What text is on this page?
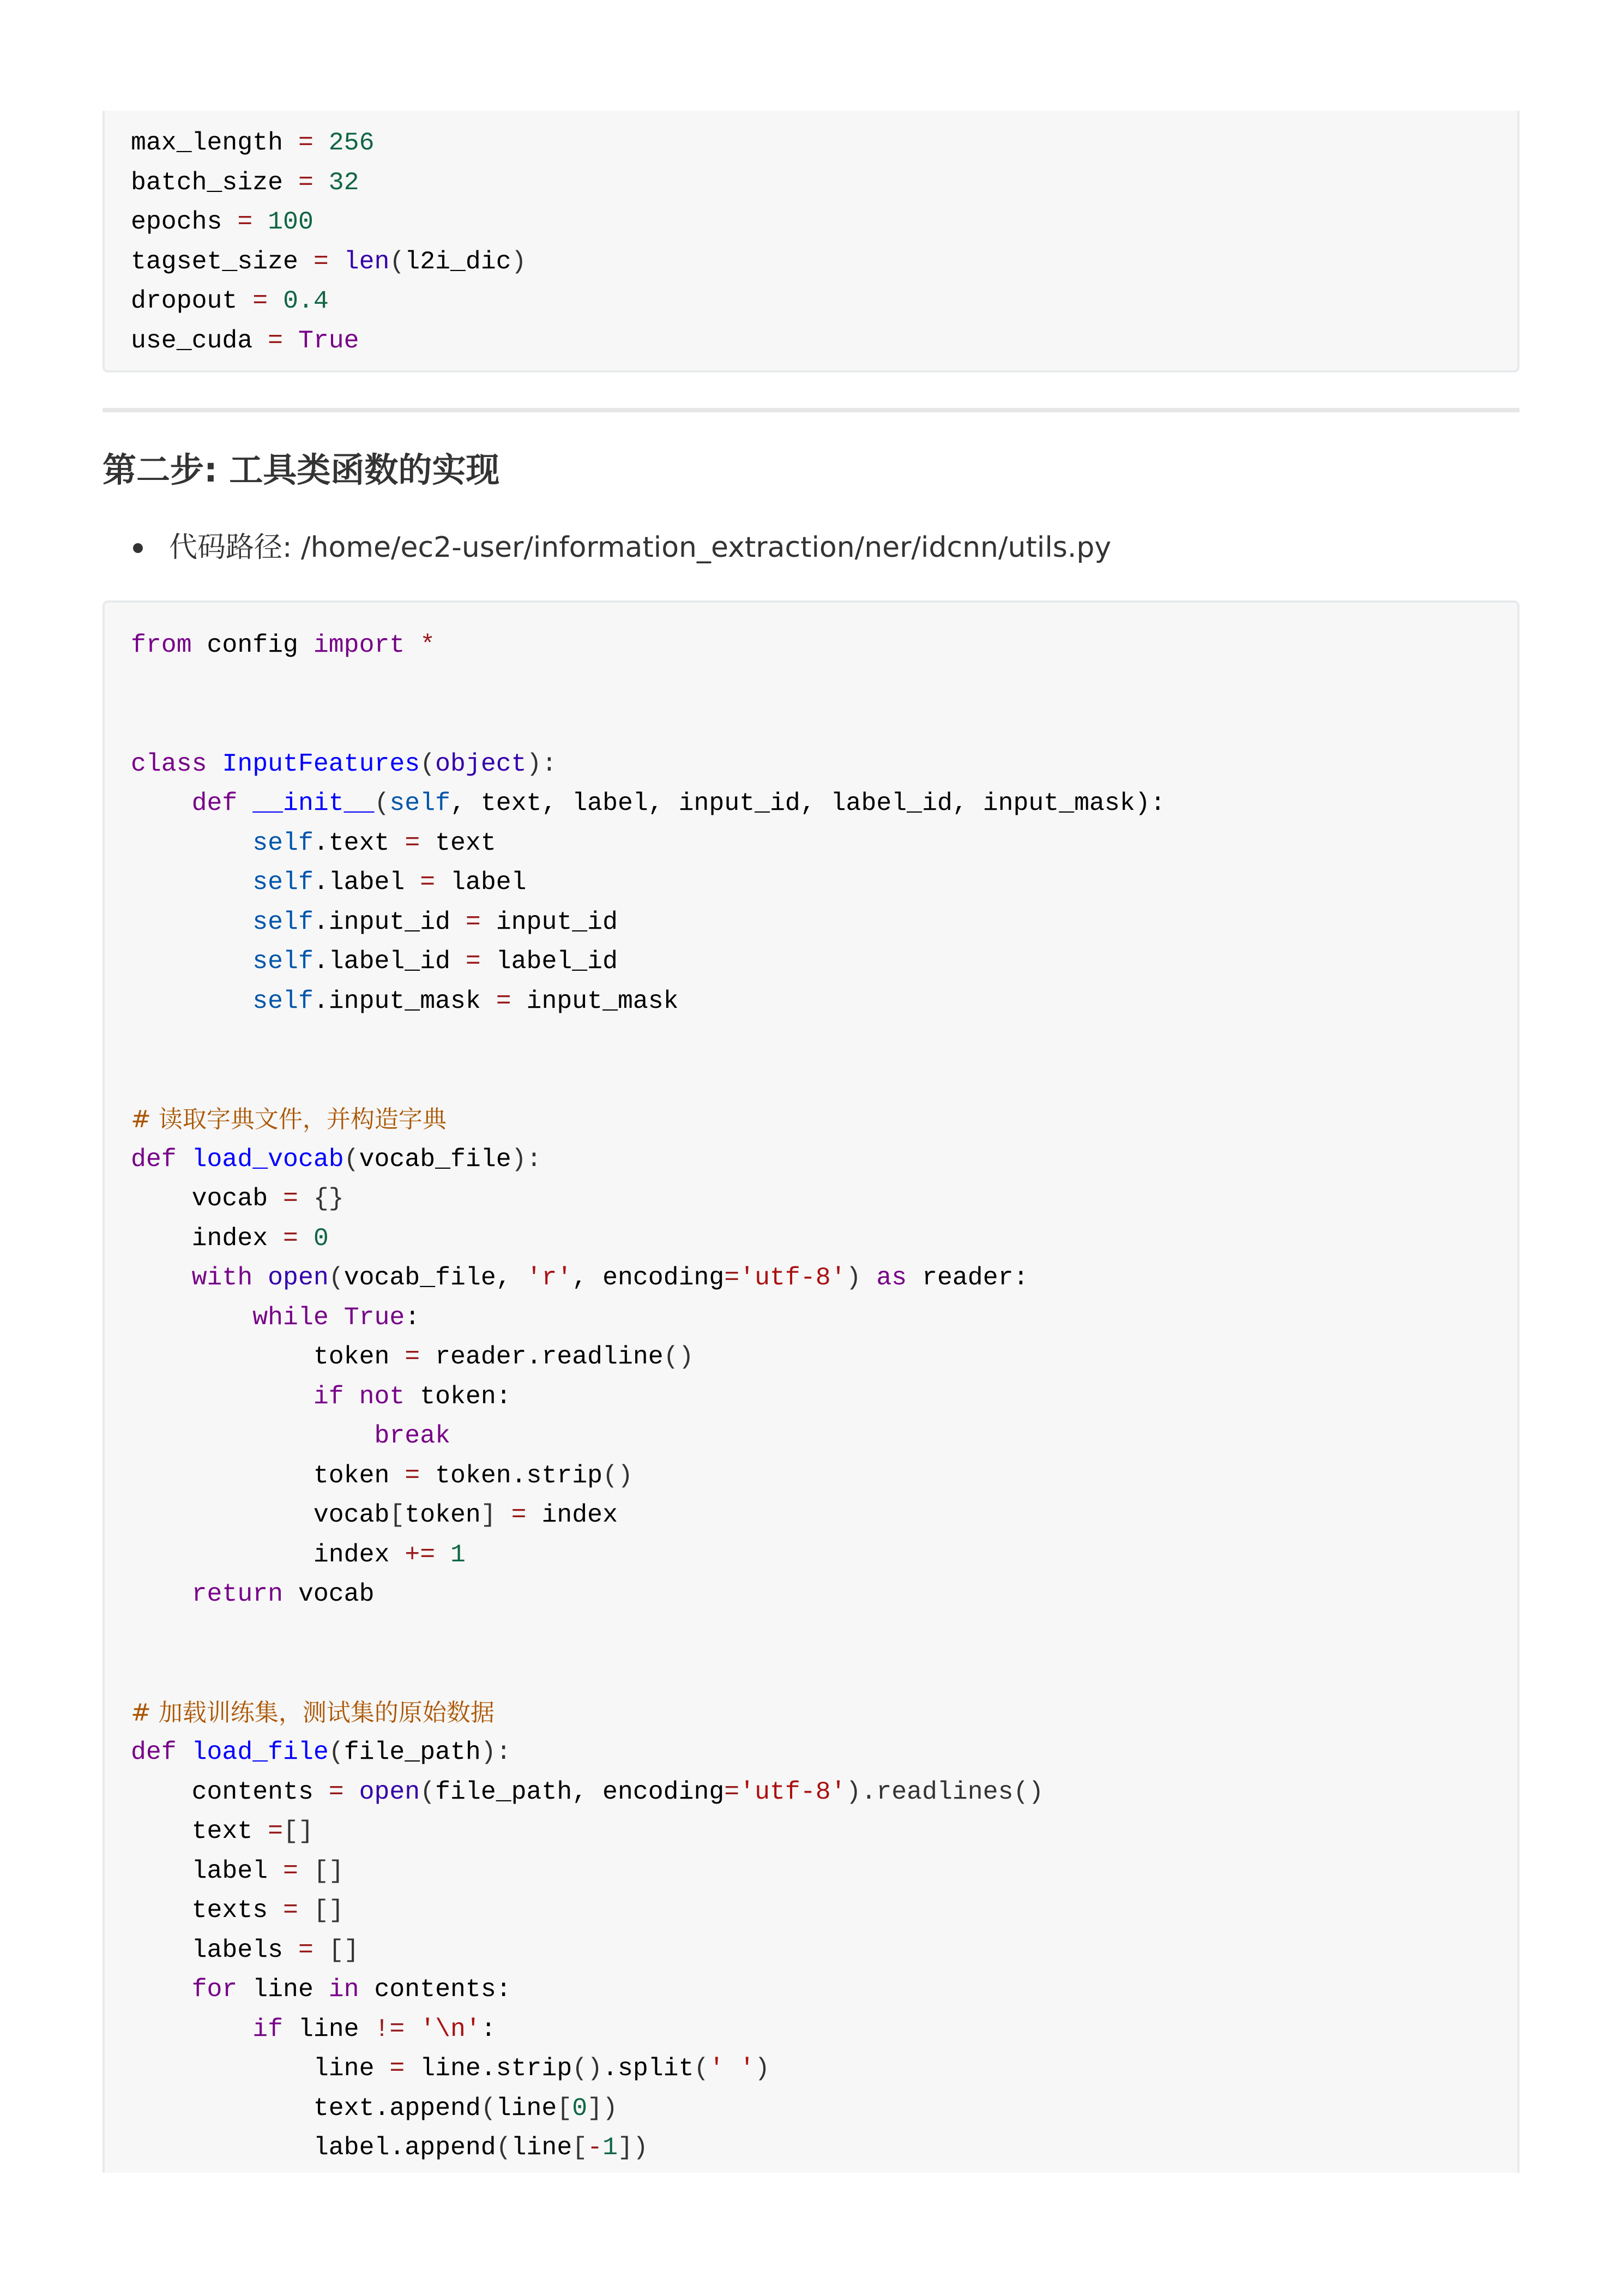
max_length = 256
batch_size = 32
epochs = 100
tagset_size = len(l2i_dic)
dropout = 0.4
use_cuda = True
第二步: 工具类函数的实现
代码路径: /home/ec2-user/information_extraction/ner/idcnn/utils.py
from config import *

class InputFeatures(object):
def __init__(self, text, label, input_id, label_id, input_mask):
self.text = text
self.label = label
self.input_id = input_id
self.label_id = label_id
self.input_mask = input_mask

# 读取字典文件，并构造字典
def load_vocab(vocab_file):
vocab = {}
index = 0
with open(vocab_file, 'r', encoding='utf-8') as reader:
while True:
token = reader.readline()
if not token:
break
token = token.strip()
vocab[token] = index
index += 1
return vocab

# 加载训练集，测试集的原始数据
def load_file(file_path):
contents = open(file_path, encoding='utf-8').readlines()
text =[]
label = []
texts = []
labels = []
for line in contents:
if line != '\n':
line = line.strip().split(' ')
text.append(line[0])
label.append(line[-1])
